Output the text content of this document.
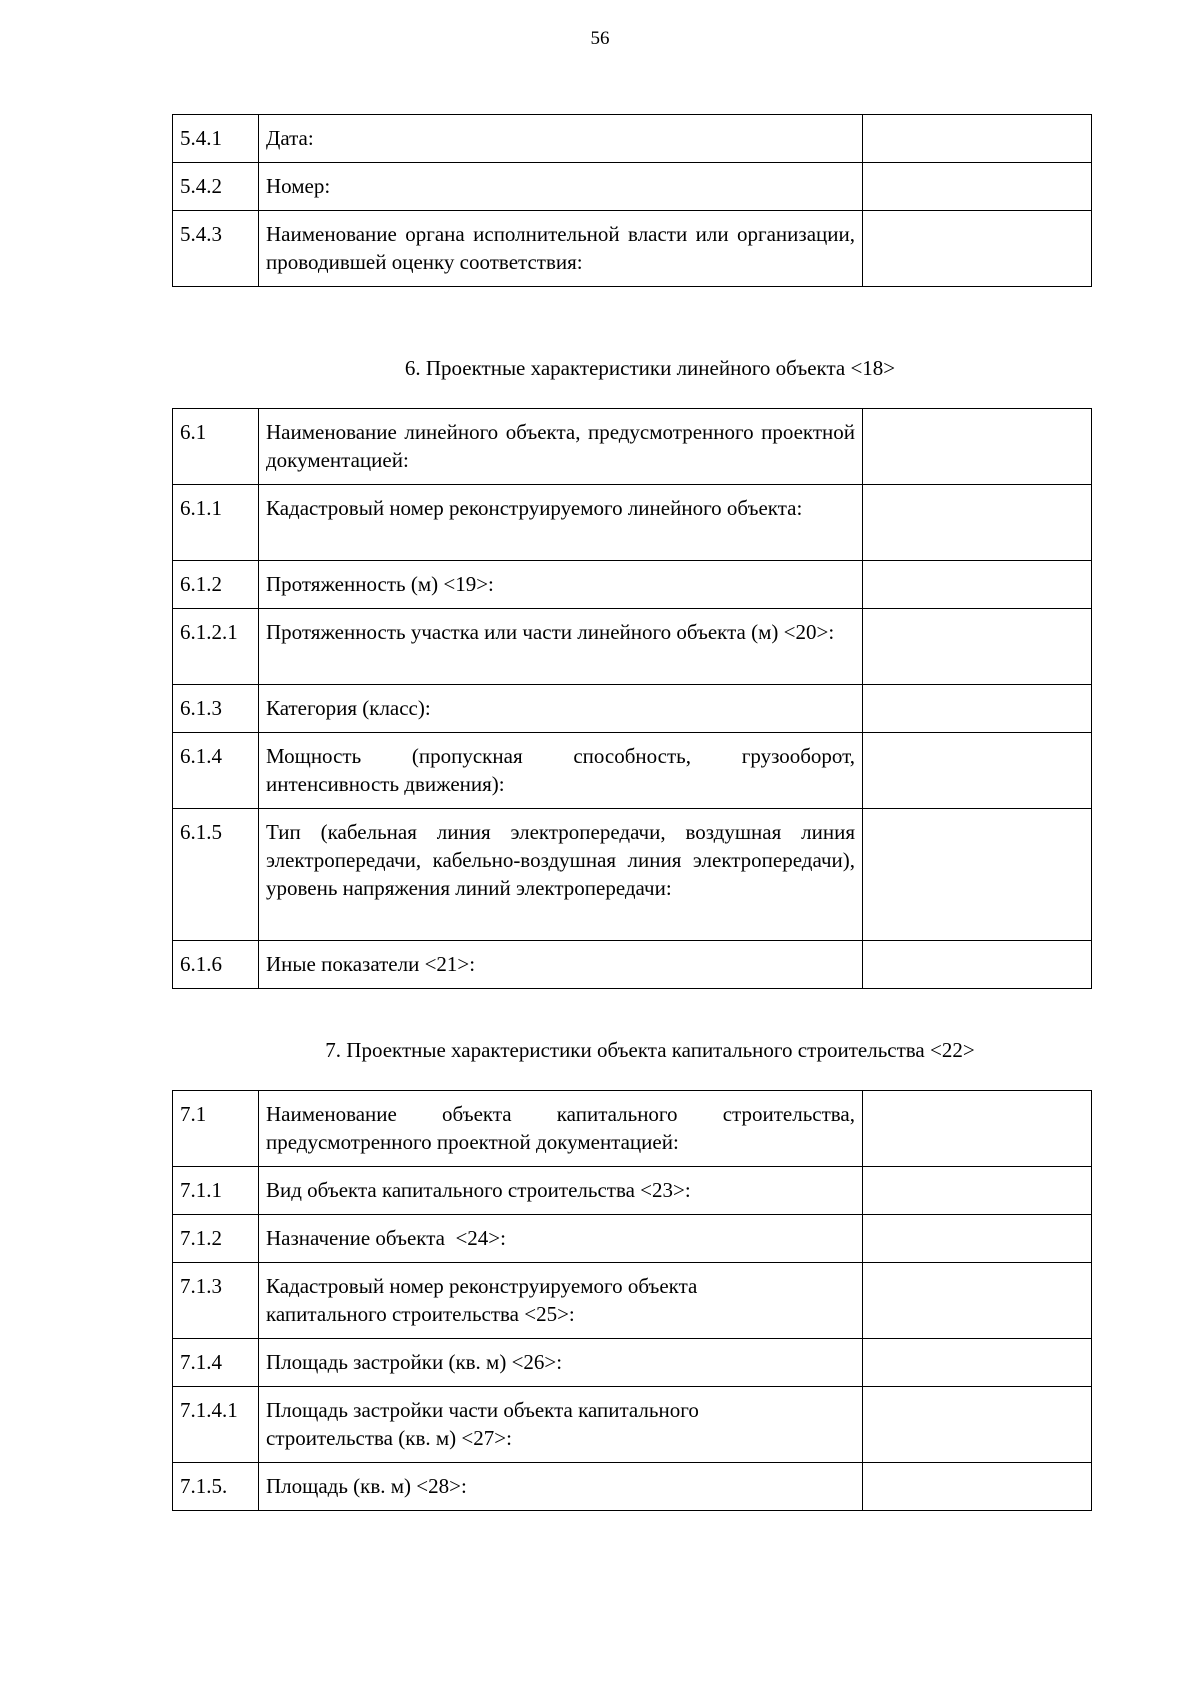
56
5.4.1	Дата:	
5.4.2	Номер:	
5.4.3	Наименование органа исполнительной власти или организации, проводившей оценку соответствия:	
6. Проектные характеристики линейного объекта <18>
6.1	Наименование линейного объекта, предусмотренного проектной документацией:	
6.1.1	Кадастровый номер реконструируемого линейного объекта:	
6.1.2	Протяженность (м) <19>:	
6.1.2.1	Протяженность участка или части линейного объекта (м) <20>:	
6.1.3	Категория (класс):	
6.1.4	Мощность (пропускная способность, грузооборот, интенсивность движения):	
6.1.5	Тип (кабельная линия электропередачи, воздушная линия электропередачи, кабельно-воздушная линия электропередачи), уровень напряжения линий электропередачи:	
6.1.6	Иные показатели <21>:	
7. Проектные характеристики объекта капитального строительства <22>
7.1	Наименование объекта капитального строительства, предусмотренного проектной документацией:	
7.1.1	Вид объекта капитального строительства <23>:	
7.1.2	Назначение объекта  <24>:	
7.1.3	Кадастровый номер реконструируемого объекта капитального строительства <25>:	
7.1.4	Площадь застройки (кв. м) <26>:	
7.1.4.1	Площадь застройки части объекта капитального строительства (кв. м) <27>:	
7.1.5.	Площадь (кв. м) <28>:	
